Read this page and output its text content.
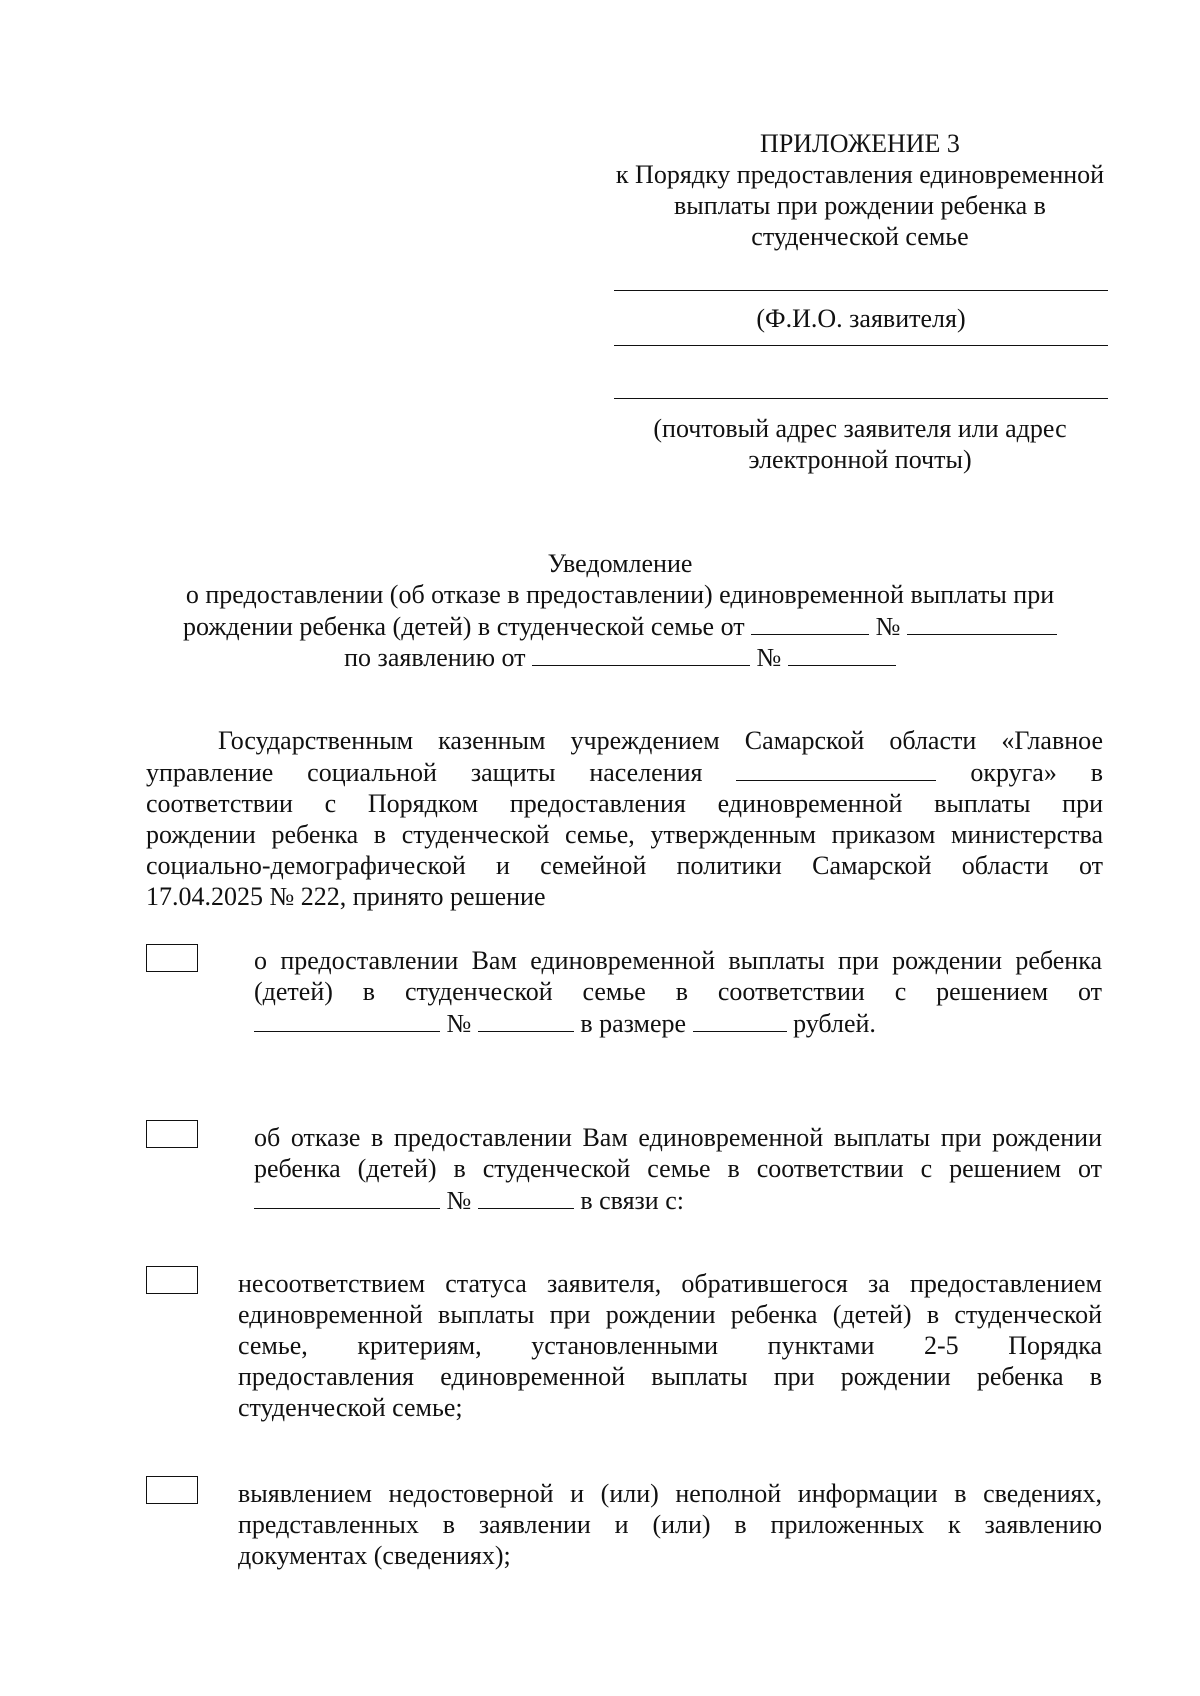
ПРИЛОЖЕНИЕ 3
к Порядку предоставления единовременной
выплаты при рождении ребенка в
студенческой семье
(Ф.И.О. заявителя)
(почтовый адрес заявителя или адрес
электронной почты)
Уведомление
о предоставлении (об отказе в предоставлении) единовременной выплаты при
рождении ребенка (детей) в студенческой семье от	№
по заявлению от	№
Государственным казенным учреждением Самарской области «Главное
управление социальной защиты населения	округа» в
соответствии с Порядком предоставления единовременной выплаты при
рождении ребенка в студенческой семье, утвержденным приказом министерства
социально-демографической и семейной политики Самарской области от
17.04.2025 № 222, принято решение
о предоставлении Вам единовременной выплаты при рождении ребенка
(детей) в студенческой семье в соответствии с решением от
№	в размере	рублей.
об отказе в предоставлении Вам единовременной выплаты при рождении
ребенка (детей) в студенческой семье в соответствии с решением от
№	в связи с:
несоответствием статуса заявителя, обратившегося за предоставлением
единовременной выплаты при рождении ребенка (детей) в студенческой
семье, критериям, установленными пунктами 2-5 Порядка
предоставления единовременной выплаты при рождении ребенка в
студенческой семье;
выявлением недостоверной и (или) неполной информации в сведениях,
представленных в заявлении и (или) в приложенных к заявлению
документах (сведениях);
